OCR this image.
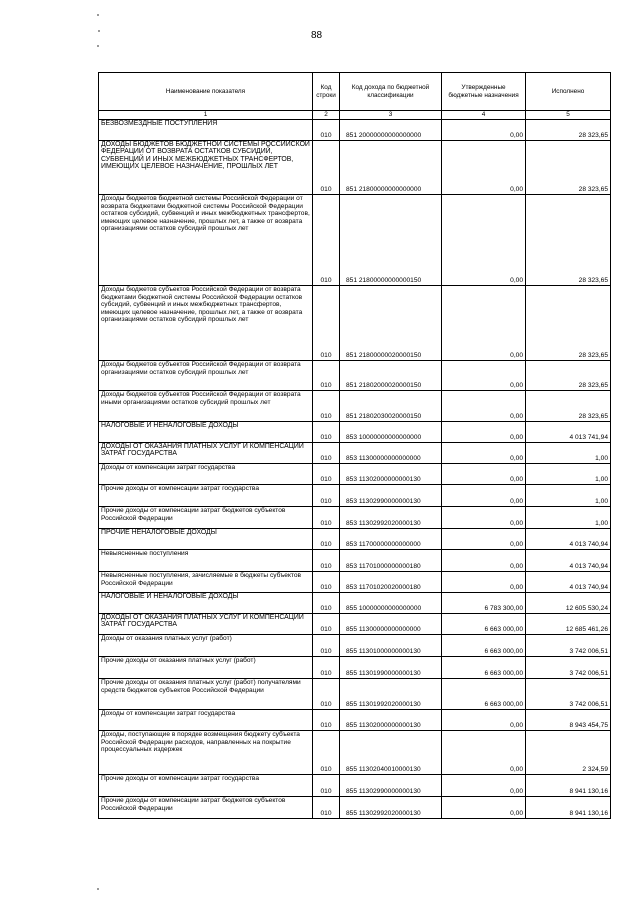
88
Наименование показателя	Код строки	Код дохода по бюджетной классификации	Утвержденные бюджетные назначения	Исполнено
1	2	3	4	5
БЕЗВОЗМЕЗДНЫЕ ПОСТУПЛЕНИЯ	010	851 20000000000000000	0,00	28 323,65
ДОХОДЫ БЮДЖЕТОВ БЮДЖЕТНОЙ СИСТЕМЫ РОССИЙСКОЙ ФЕДЕРАЦИИ ОТ ВОЗВРАТА ОСТАТКОВ СУБСИДИЙ, СУБВЕНЦИЙ И ИНЫХ МЕЖБЮДЖЕТНЫХ ТРАНСФЕРТОВ, ИМЕЮЩИХ ЦЕЛЕВОЕ НАЗНАЧЕНИЕ, ПРОШЛЫХ ЛЕТ	010	851 21800000000000000	0,00	28 323,65
Доходы бюджетов бюджетной системы Российской Федерации от возврата бюджетами бюджетной системы Российской Федерации остатков субсидий, субвенций и иных межбюджетных трансфертов, имеющих целевое назначение, прошлых лет, а также от возврата организациями остатков субсидий прошлых лет	010	851 21800000000000150	0,00	28 323,65
Доходы бюджетов субъектов Российской Федерации от возврата бюджетами бюджетной системы Российской Федерации остатков субсидий, субвенций и иных межбюджетных трансфертов, имеющих целевое назначение, прошлых лет, а также от возврата организациями остатков субсидий прошлых лет	010	851 21800000020000150	0,00	28 323,65
Доходы бюджетов субъектов Российской Федерации от возврата организациями остатков субсидий прошлых лет	010	851 21802000020000150	0,00	28 323,65
Доходы бюджетов субъектов Российской Федерации от возврата иными организациями остатков субсидий прошлых лет	010	851 21802030020000150	0,00	28 323,65
НАЛОГОВЫЕ И НЕНАЛОГОВЫЕ ДОХОДЫ	010	853 10000000000000000	0,00	4 013 741,94
ДОХОДЫ ОТ ОКАЗАНИЯ ПЛАТНЫХ УСЛУГ И КОМПЕНСАЦИИ ЗАТРАТ ГОСУДАРСТВА	010	853 11300000000000000	0,00	1,00
Доходы от компенсации затрат государства	010	853 11302000000000130	0,00	1,00
Прочие доходы от компенсации затрат государства	010	853 11302990000000130	0,00	1,00
Прочие доходы от компенсации затрат бюджетов субъектов Российской Федерации	010	853 11302992020000130	0,00	1,00
ПРОЧИЕ НЕНАЛОГОВЫЕ ДОХОДЫ	010	853 11700000000000000	0,00	4 013 740,94
Невыясненные поступления	010	853 11701000000000180	0,00	4 013 740,94
Невыясненные поступления, зачисляемые в бюджеты субъектов Российской Федерации	010	853 11701020020000180	0,00	4 013 740,94
НАЛОГОВЫЕ И НЕНАЛОГОВЫЕ ДОХОДЫ	010	855 10000000000000000	6 783 300,00	12 605 530,24
ДОХОДЫ ОТ ОКАЗАНИЯ ПЛАТНЫХ УСЛУГ И КОМПЕНСАЦИИ ЗАТРАТ ГОСУДАРСТВА	010	855 11300000000000000	6 663 000,00	12 685 461,26
Доходы от оказания платных услуг (работ)	010	855 11301000000000130	6 663 000,00	3 742 006,51
Прочие доходы от оказания платных услуг (работ)	010	855 11301990000000130	6 663 000,00	3 742 006,51
Прочие доходы от оказания платных услуг (работ) получателями средств бюджетов субъектов Российской Федерации	010	855 11301992020000130	6 663 000,00	3 742 006,51
Доходы от компенсации затрат государства	010	855 11302000000000130	0,00	8 943 454,75
Доходы, поступающие в порядке возмещения бюджету субъекта Российской Федерации расходов, направленных на покрытие процессуальных издержек	010	855 11302040010000130	0,00	2 324,59
Прочие доходы от компенсации затрат государства	010	855 11302990000000130	0,00	8 941 130,16
Прочие доходы от компенсации затрат бюджетов субъектов Российской Федерации	010	855 11302992020000130	0,00	8 941 130,16
